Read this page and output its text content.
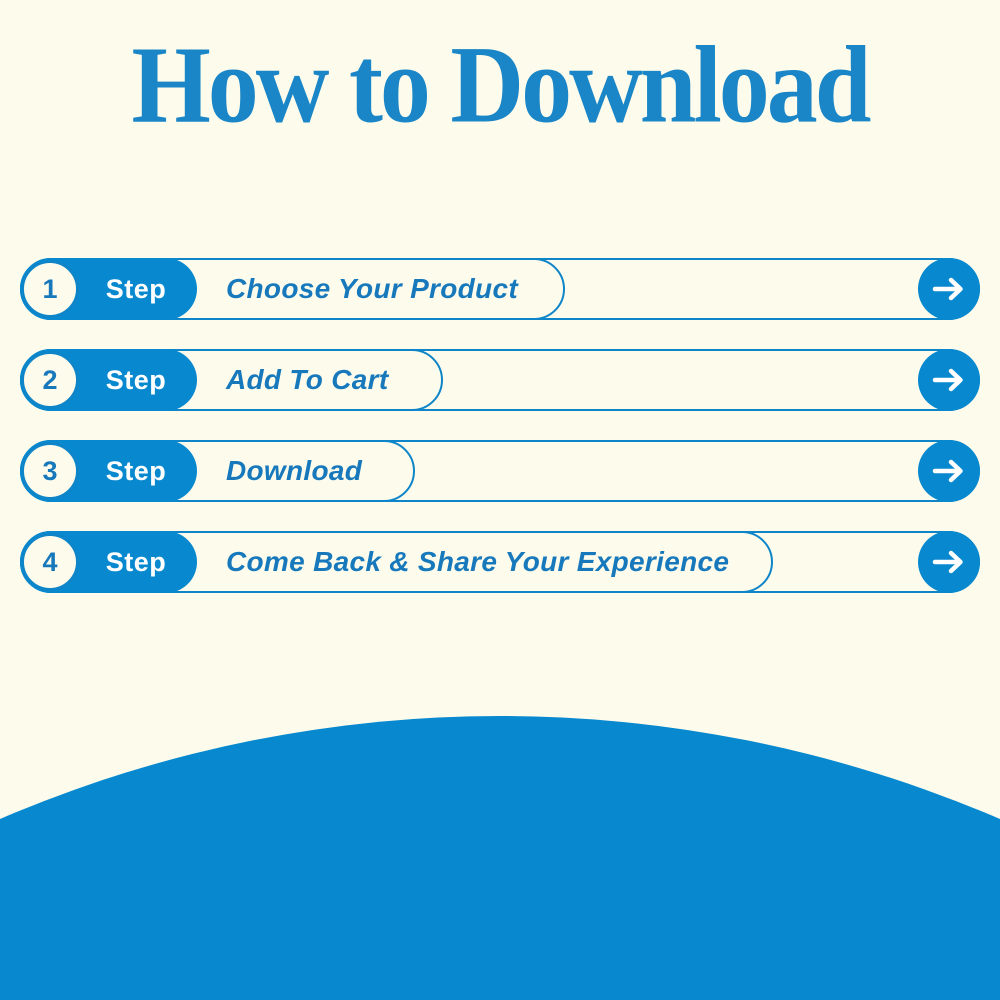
How to Download
Step
1	Choose Your Product
Step
2	Add To Cart
Step
3	Download
Step
4	Come Back & Share Your Experience
